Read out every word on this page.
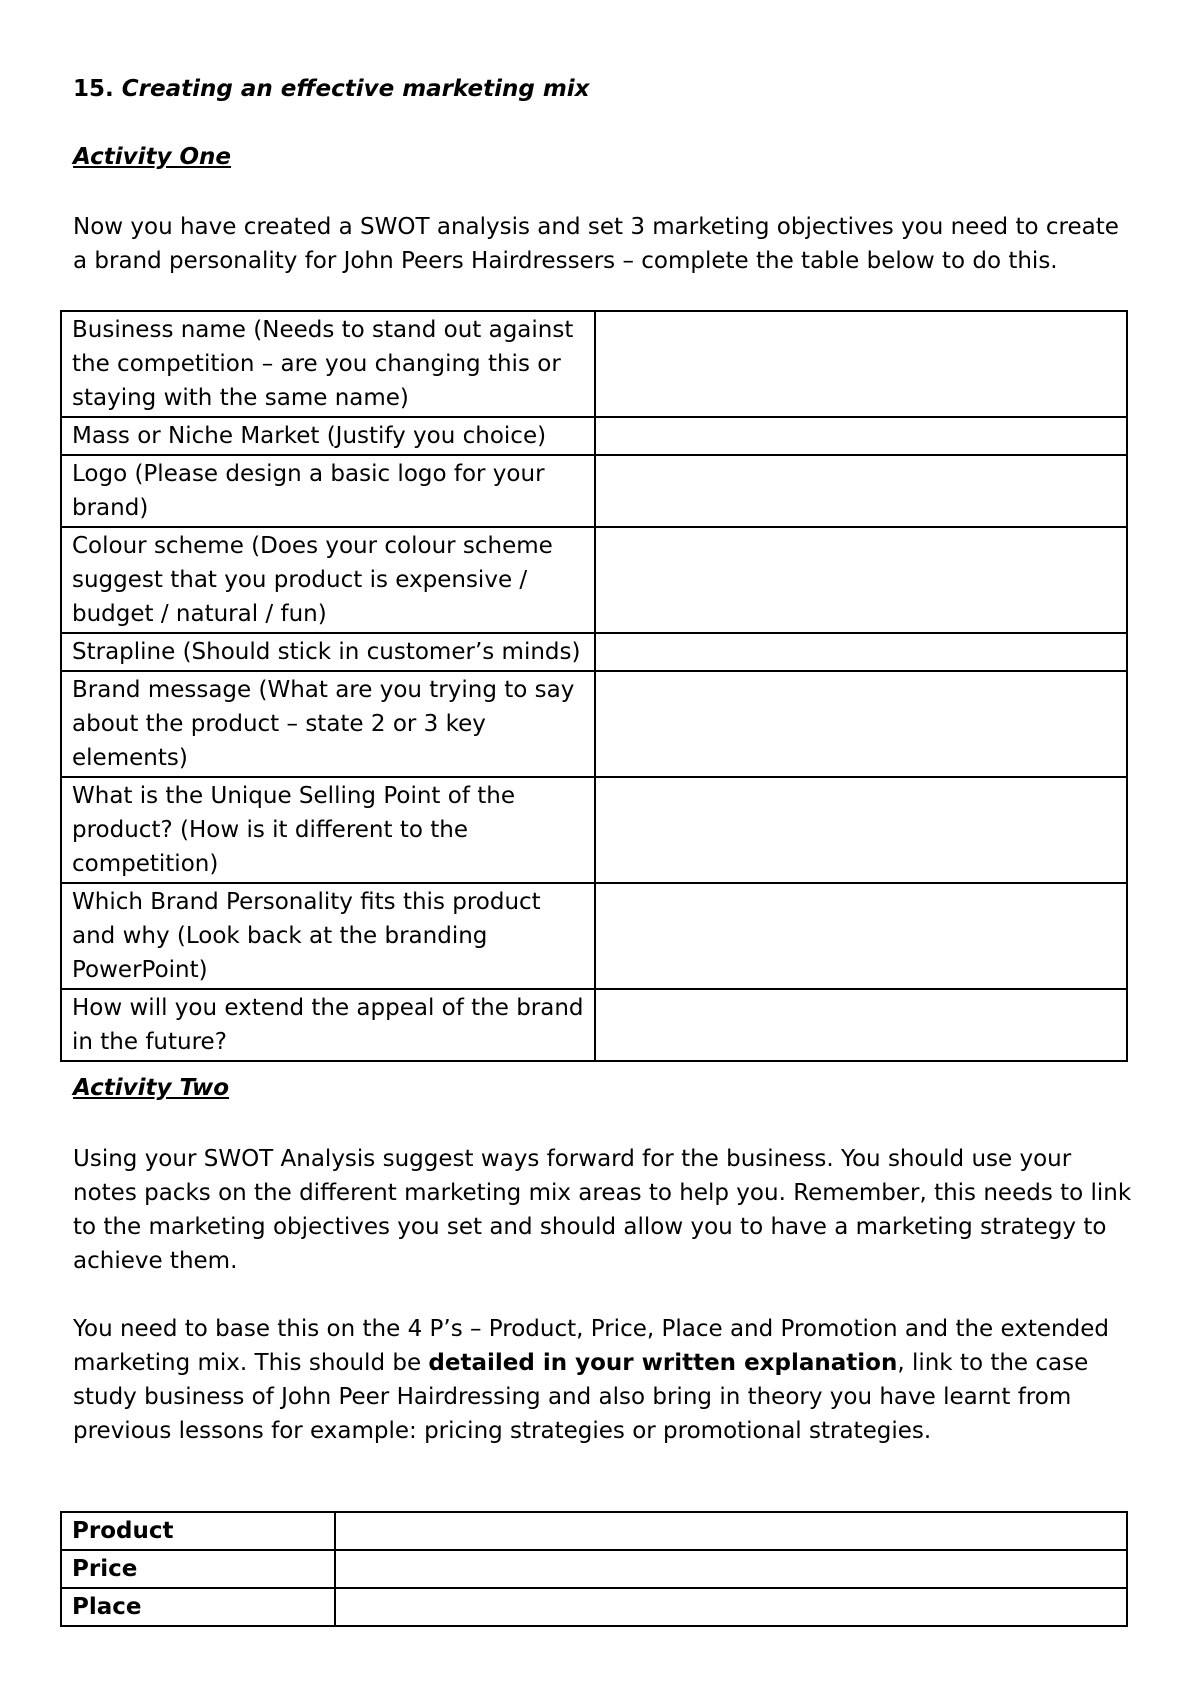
15. Creating an effective marketing mix
Activity One
Now you have created a SWOT analysis and set 3 marketing objectives you need to create a brand personality for John Peers Hairdressers – complete the table below to do this.
Business name (Needs to stand out against the competition – are you changing this or staying with the same name)	
Mass or Niche Market (Justify you choice)	
Logo (Please design a basic logo for your brand)	
Colour scheme (Does your colour scheme suggest that you product is expensive / budget / natural / fun)	
Strapline (Should stick in customer’s minds)	
Brand message (What are you trying to say about the product – state 2 or 3 key elements)	
What is the Unique Selling Point of the product? (How is it different to the competition)	
Which Brand Personality fits this product and why (Look back at the branding PowerPoint)	
How will you extend the appeal of the brand in the future?	
Activity Two
Using your SWOT Analysis suggest ways forward for the business. You should use your notes packs on the different marketing mix areas to help you. Remember, this needs to link to the marketing objectives you set and should allow you to have a marketing strategy to achieve them.
You need to base this on the 4 P’s – Product, Price, Place and Promotion and the extended marketing mix. This should be detailed in your written explanation, link to the case study business of John Peer Hairdressing and also bring in theory you have learnt from previous lessons for example: pricing strategies or promotional strategies.
Product	
Price	
Place	
